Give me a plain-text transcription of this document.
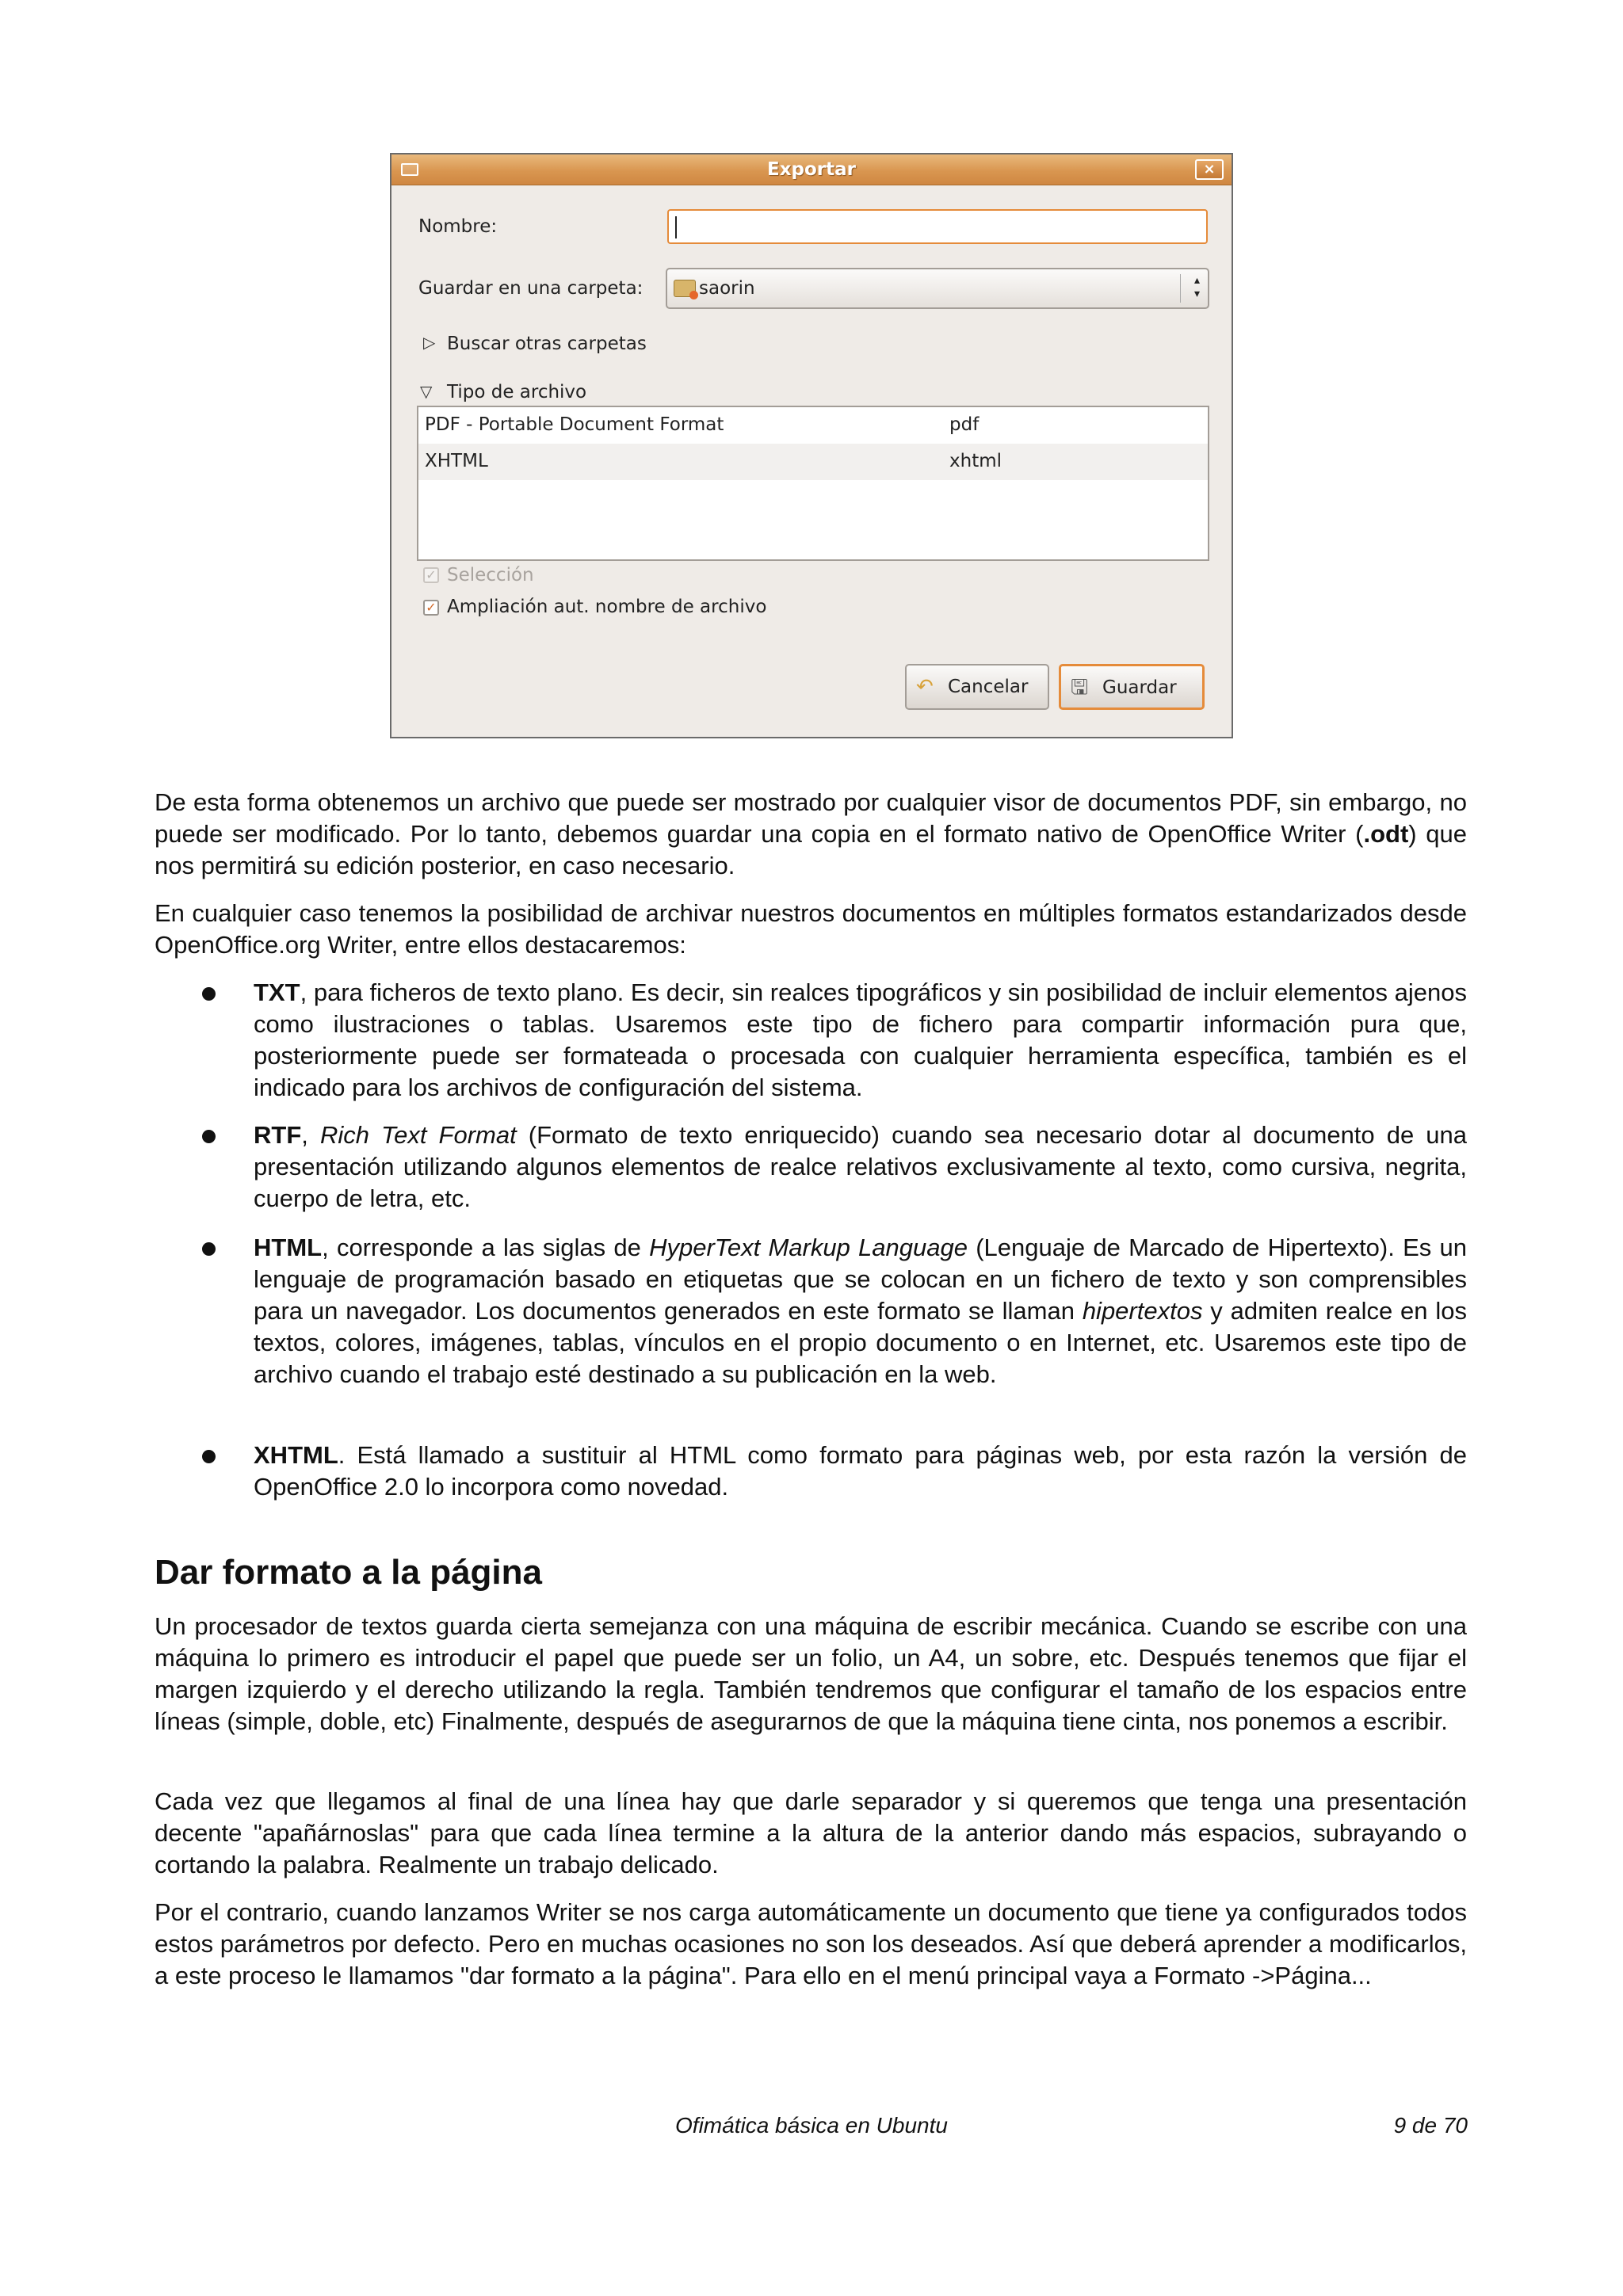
Exportar	×
Nombre:
Guardar en una carpeta:	saorin	▴
▾
▷ Buscar otras carpetas
▽ Tipo de archivo
PDF - Portable Document Format	pdf
XHTML	xhtml
✓ Selección
✓ Ampliación aut. nombre de archivo
↶ Cancelar 🖫 Guardar

De esta forma obtenemos un archivo que puede ser mostrado por cualquier visor de documentos PDF, sin embargo, no puede ser modificado. Por lo tanto, debemos guardar una copia en el formato nativo de OpenOffice Writer (.odt) que nos permitirá su edición posterior, en caso necesario.

En cualquier caso tenemos la posibilidad de archivar nuestros documentos en múltiples formatos estandarizados desde OpenOffice.org Writer, entre ellos destacaremos:

TXT, para ficheros de texto plano. Es decir, sin realces tipográficos y sin posibilidad de incluir elementos ajenos como ilustraciones o tablas. Usaremos este tipo de fichero para compartir información pura que, posteriormente puede ser formateada o procesada con cualquier herramienta específica, también es el indicado para los archivos de configuración del sistema.
RTF, Rich Text Format (Formato de texto enriquecido) cuando sea necesario dotar al documento de una presentación utilizando algunos elementos de realce relativos exclusivamente al texto, como cursiva, negrita, cuerpo de letra, etc.
HTML, corresponde a las siglas de HyperText Markup Language (Lenguaje de Marcado de Hipertexto). Es un lenguaje de programación basado en etiquetas que se colocan en un fichero de texto y son comprensibles para un navegador. Los documentos generados en este formato se llaman hipertextos y admiten realce en los textos, colores, imágenes, tablas, vínculos en el propio documento o en Internet, etc. Usaremos este tipo de archivo cuando el trabajo esté destinado a su publicación en la web.
XHTML. Está llamado a sustituir al HTML como formato para páginas web, por esta razón la versión de OpenOffice 2.0 lo incorpora como novedad.
Dar formato a la página

Un procesador de textos guarda cierta semejanza con una máquina de escribir mecánica. Cuando se escribe con una máquina lo primero es introducir el papel que puede ser un folio, un A4, un sobre, etc. Después tenemos que fijar el margen izquierdo y el derecho utilizando la regla. También tendremos que configurar el tamaño de los espacios entre líneas (simple, doble, etc) Finalmente, después de asegurarnos de que la máquina tiene cinta, nos ponemos a escribir.

Cada vez que llegamos al final de una línea hay que darle separador y si queremos que tenga una presentación decente "apañárnoslas" para que cada línea termine a la altura de la anterior dando más espacios, subrayando o cortando la palabra. Realmente un trabajo delicado.

Por el contrario, cuando lanzamos Writer se nos carga automáticamente un documento que tiene ya configurados todos estos parámetros por defecto. Pero en muchas ocasiones no son los deseados. Así que deberá aprender a modificarlos, a este proceso le llamamos "dar formato a la página". Para ello en el menú principal vaya a Formato ->Página...

Ofimática básica en Ubuntu	9 de 70
